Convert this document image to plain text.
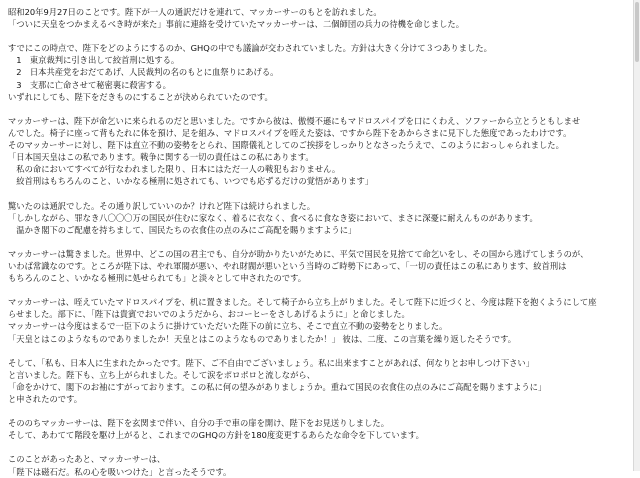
昭和20年9月27日のことです。陛下が一人の通訳だけを連れて、マッカーサーのもとを訪れました。
「ついに天皇をつかまえるべき時が来た」事前に連絡を受けていたマッカーサーは、二個師団の兵力の待機を命じました。
すでにこの時点で、陛下をどのようにするのか、GHQの中でも議論が交わされていました。方針は大きく分けて３つありました。
　1　東京裁判に引き出して絞首刑に処する。
　2　日本共産党をおだてあげ、人民裁判の名のもとに血祭りにあげる。
　3　支那に亡命させて秘密裏に殺害する。
いずれにしても、陛下をだきものにすることが決められていたのです。
マッカーサーは、陛下が命乞いに来られるのだと思いました。ですから彼は、傲慢不遜にもマドロスパイプを口にくわえ、ソファーから立とうともしませ
んでした。椅子に座って背もたれに体を預け、足を組み、マドロスパイプを咥えた姿は、ですから陛下をあからさまに見下した態度であったわけです。
そのマッカーサーに対し、陛下は直立不動の姿勢をとられ、国際儀礼としてのご挨拶をしっかりとなさったうえで、このようにおっしゃられました。
「日本国天皇はこの私であります。戦争に関する一切の責任はこの私にあります。
　私の命においてすべてが行なわれました限り、日本にはただ一人の戦犯もおりません。
　絞首刑はもちろんのこと、いかなる極刑に処されても、いつでも応ずるだけの覚悟があります」
驚いたのは通訳でした。その通り訳していいのか？けれど陛下は続けられました。
「しかしながら、罪なき八〇〇〇万の国民が住むに家なく、着るに衣なく、食べるに食なき姿において、まさに深憂に耐えんものがあります。
　温かき閣下のご配慮を持ちまして、国民たちの衣食住の点のみにご高配を賜りますように」
マッカーサーは驚きました。世界中、どこの国の君主でも、自分が助かりたいがために、平気で国民を見捨てて命乞いをし、その国から逃げてしまうのが、
いわば常識なのです。ところが陛下は、やれ軍閥が悪い、やれ財閥が悪いという当時のご時勢下にあって、「一切の責任はこの私にあります、絞首刑は
もちろんのこと、いかなる極刑に処せられても」と淡々として申されたのです。
マッカーサーは、咥えていたマドロスパイプを、机に置きました。そして椅子から立ち上がりました。そして陛下に近づくと、今度は陛下を抱くようにして座
らせました。部下に、「陛下は貴賓でおいでのようだから、おコーヒーをさしあげるように」と命じました。
マッカーサーは今度はまるで一臣下のように掛けていただいた陛下の前に立ち、そこで直立不動の姿勢をとりました。
「天皇とはこのようなものでありましたか！天皇とはこのようなものでありましたか！」 彼は、二度、この言葉を繰り返したそうです。
そして、「私も、日本人に生まれたかったです。陛下、ご不自由でございましょう。私に出来ますことがあれば、何なりとお申しつけ下さい」
と言いました。陛下も、立ち上がられました。そして涙をポロポロと流しながら、
「命をかけて、閣下のお袖にすがっております。この私に何の望みがありましょうか。重ねて国民の衣食住の点のみにご高配を賜りますように」
と申されたのです。
そののちマッカーサーは、陛下を玄関まで伴い、自分の手で車の扉を開け、陛下をお見送りしました。
そして、あわてて階段を駆け上がると、これまでのGHQの方針を180度変更するあらたな命令を下しています。
このことがあったあと、マッカーサーは、
「陛下は磁石だ。私の心を吸いつけた」と言ったそうです。
